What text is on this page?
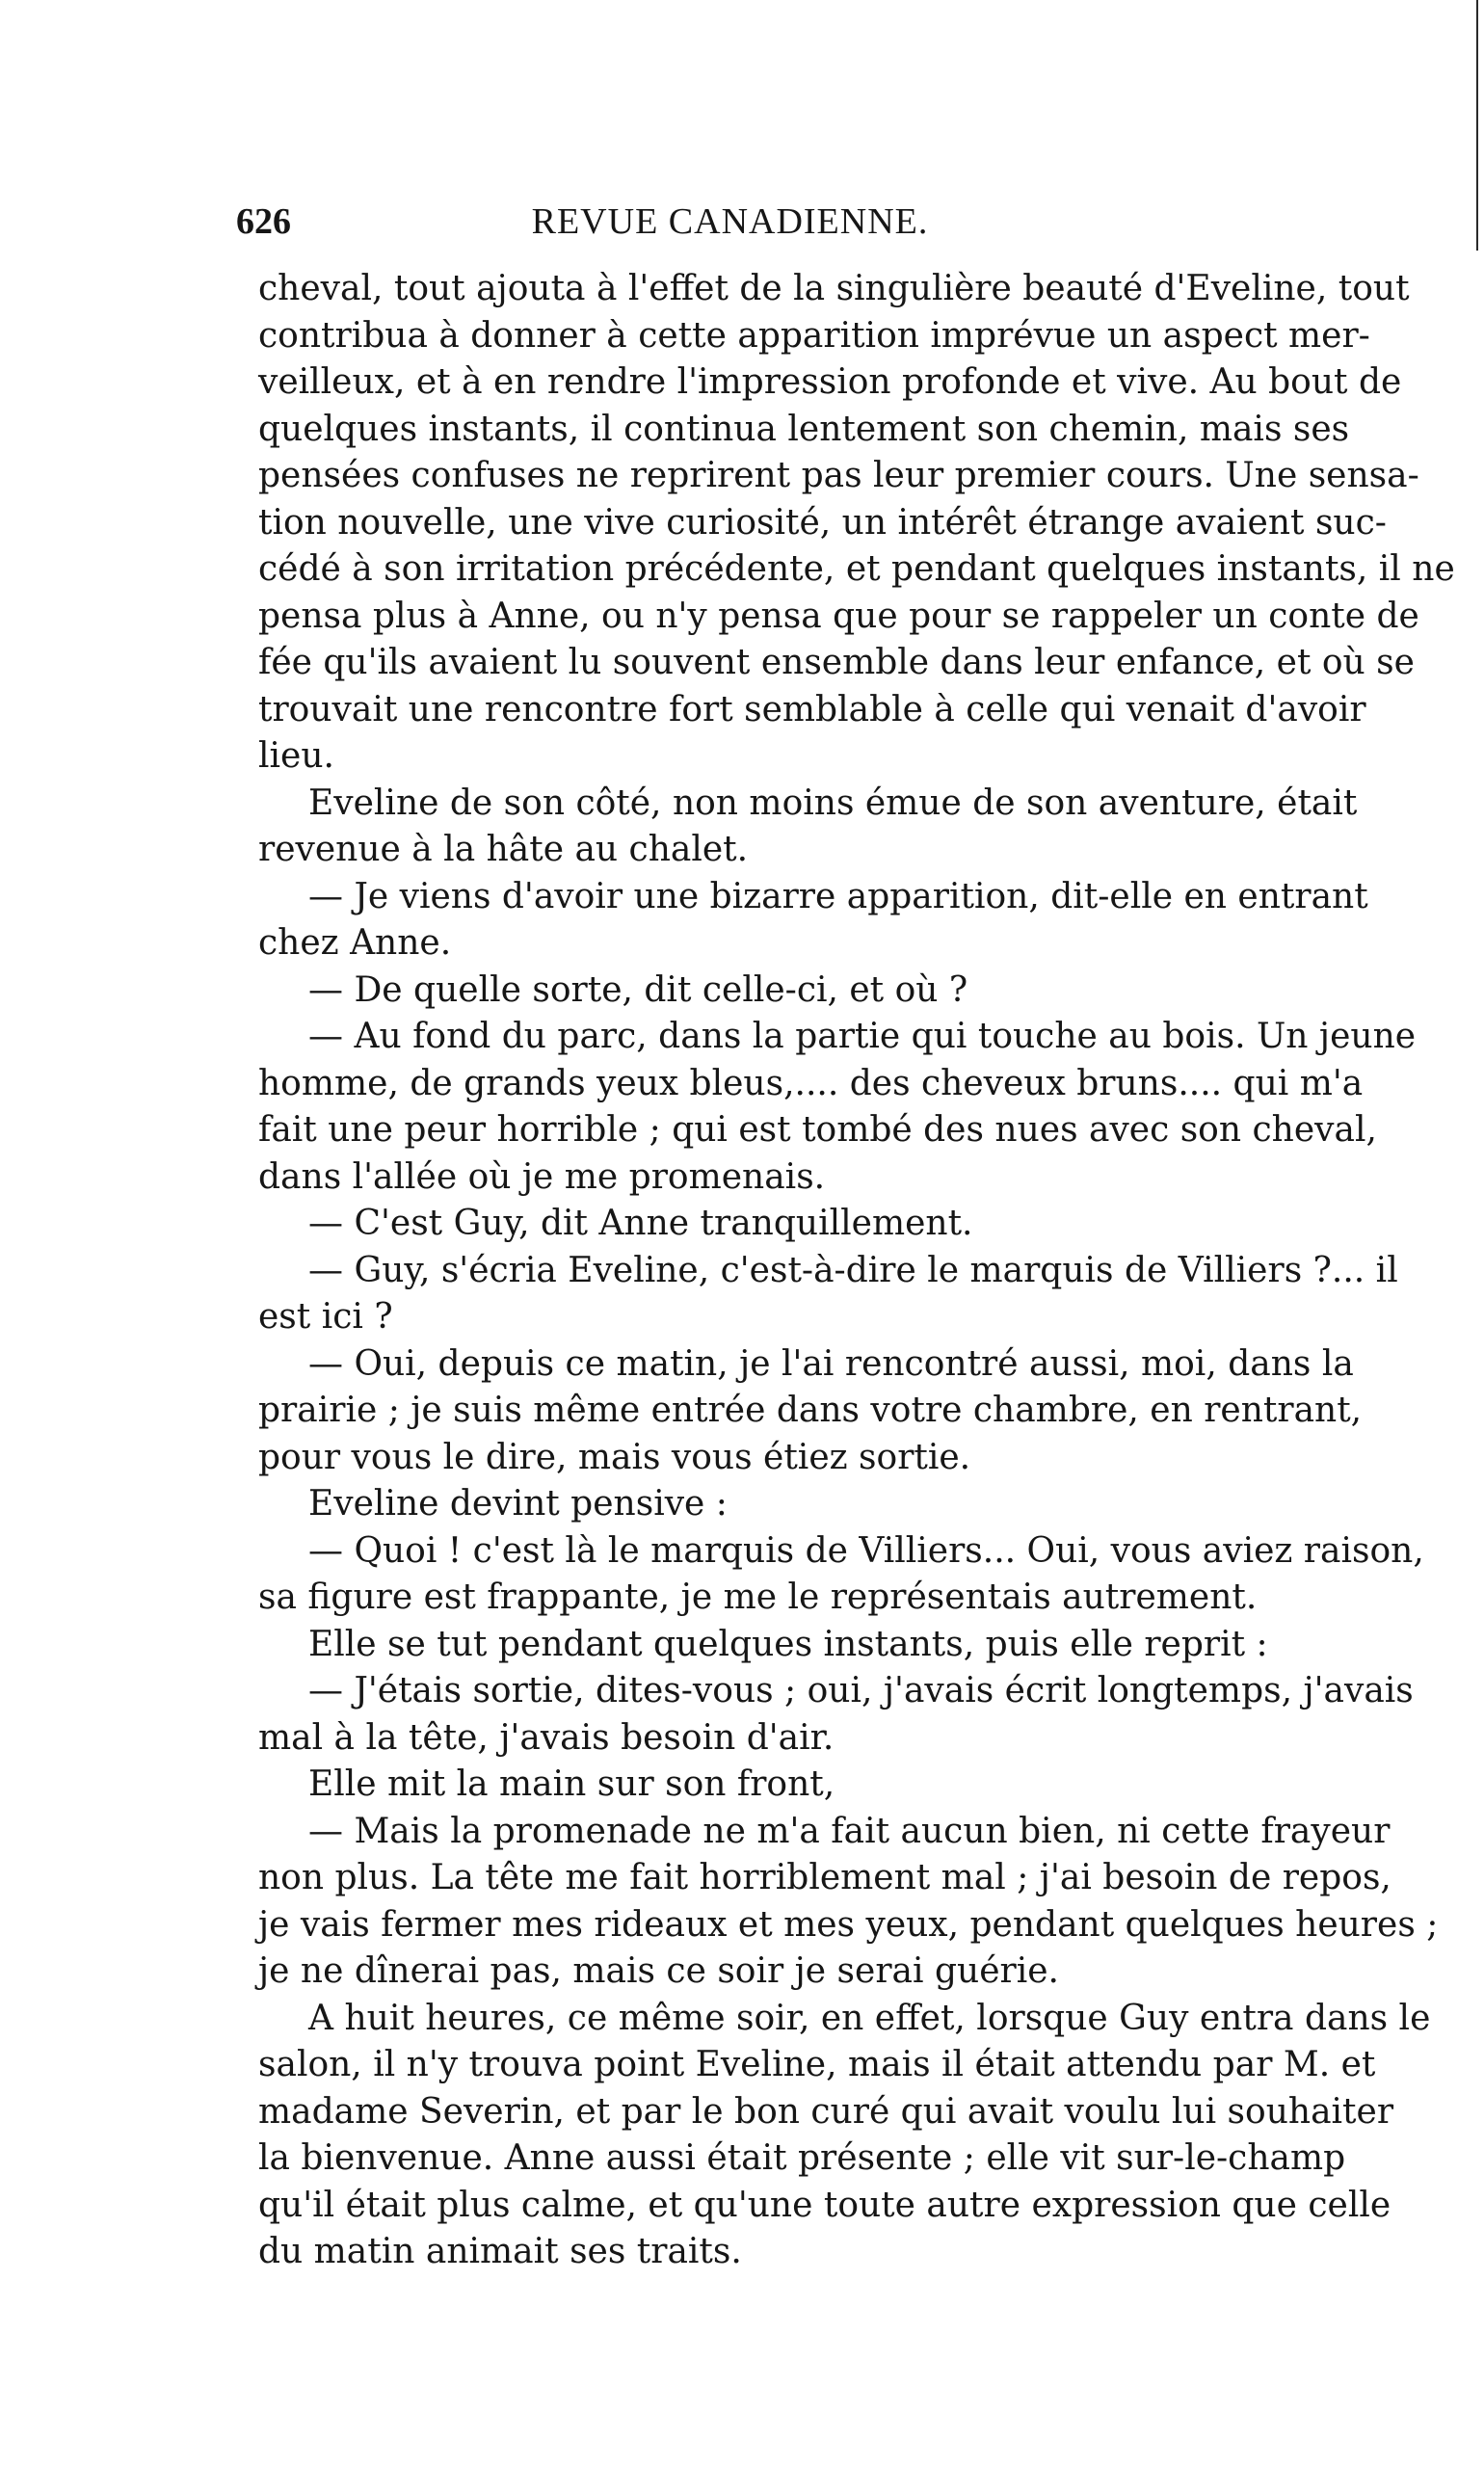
626	REVUE CANADIENNE.
cheval, tout ajouta à l'effet de la singulière beauté d'Eveline, tout
contribua à donner à cette apparition imprévue un aspect mer-
veilleux, et à en rendre l'impression profonde et vive. Au bout de
quelques instants, il continua lentement son chemin, mais ses
pensées confuses ne reprirent pas leur premier cours. Une sensa-
tion nouvelle, une vive curiosité, un intérêt étrange avaient suc-
cédé à son irritation précédente, et pendant quelques instants, il ne
pensa plus à Anne, ou n'y pensa que pour se rappeler un conte de
fée qu'ils avaient lu souvent ensemble dans leur enfance, et où se
trouvait une rencontre fort semblable à celle qui venait d'avoir
lieu.
Eveline de son côté, non moins émue de son aventure, était
revenue à la hâte au chalet.
— Je viens d'avoir une bizarre apparition, dit-elle en entrant
chez Anne.
— De quelle sorte, dit celle-ci, et où ?
— Au fond du parc, dans la partie qui touche au bois. Un jeune
homme, de grands yeux bleus,.... des cheveux bruns.... qui m'a
fait une peur horrible ; qui est tombé des nues avec son cheval,
dans l'allée où je me promenais.
— C'est Guy, dit Anne tranquillement.
— Guy, s'écria Eveline, c'est-à-dire le marquis de Villiers ?... il
est ici ?
— Oui, depuis ce matin, je l'ai rencontré aussi, moi, dans la
prairie ; je suis même entrée dans votre chambre, en rentrant,
pour vous le dire, mais vous étiez sortie.
Eveline devint pensive :
— Quoi ! c'est là le marquis de Villiers... Oui, vous aviez raison,
sa figure est frappante, je me le représentais autrement.
Elle se tut pendant quelques instants, puis elle reprit :
— J'étais sortie, dites-vous ; oui, j'avais écrit longtemps, j'avais
mal à la tête, j'avais besoin d'air.
Elle mit la main sur son front,
— Mais la promenade ne m'a fait aucun bien, ni cette frayeur
non plus. La tête me fait horriblement mal ; j'ai besoin de repos,
je vais fermer mes rideaux et mes yeux, pendant quelques heures ;
je ne dînerai pas, mais ce soir je serai guérie.
A huit heures, ce même soir, en effet, lorsque Guy entra dans le
salon, il n'y trouva point Eveline, mais il était attendu par M. et
madame Severin, et par le bon curé qui avait voulu lui souhaiter
la bienvenue. Anne aussi était présente ; elle vit sur-le-champ
qu'il était plus calme, et qu'une toute autre expression que celle
du matin animait ses traits.
